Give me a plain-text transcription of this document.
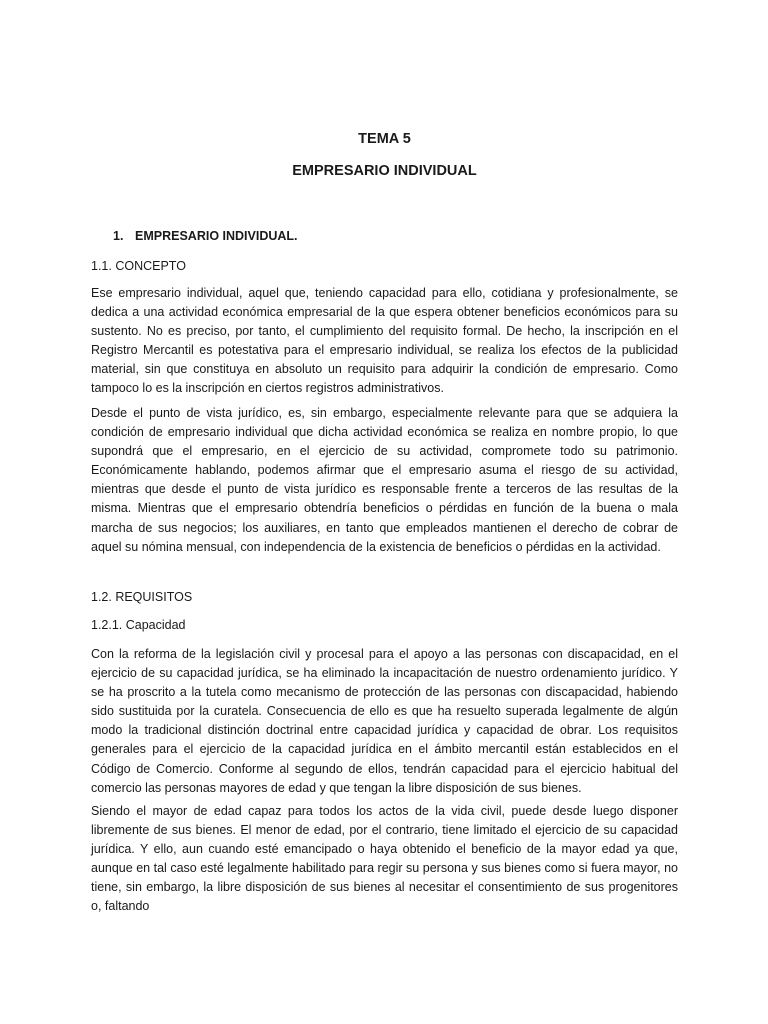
TEMA 5
EMPRESARIO INDIVIDUAL
1. EMPRESARIO INDIVIDUAL.

1.1. CONCEPTO

Ese empresario individual, aquel que, teniendo capacidad para ello, cotidiana y profesionalmente, se dedica a una actividad económica empresarial de la que espera obtener beneficios económicos para su sustento. No es preciso, por tanto, el cumplimiento del requisito formal. De hecho, la inscripción en el Registro Mercantil es potestativa para el empresario individual, se realiza los efectos de la publicidad material, sin que constituya en absoluto un requisito para adquirir la condición de empresario. Como tampoco lo es la inscripción en ciertos registros administrativos.

Desde el punto de vista jurídico, es, sin embargo, especialmente relevante para que se adquiera la condición de empresario individual que dicha actividad económica se realiza en nombre propio, lo que supondrá que el empresario, en el ejercicio de su actividad, compromete todo su patrimonio. Económicamente hablando, podemos afirmar que el empresario asuma el riesgo de su actividad, mientras que desde el punto de vista jurídico es responsable frente a terceros de las resultas de la misma. Mientras que el empresario obtendría beneficios o pérdidas en función de la buena o mala marcha de sus negocios; los auxiliares, en tanto que empleados mantienen el derecho de cobrar de aquel su nómina mensual, con independencia de la existencia de beneficios o pérdidas en la actividad.

1.2. REQUISITOS

1.2.1. Capacidad

Con la reforma de la legislación civil y procesal para el apoyo a las personas con discapacidad, en el ejercicio de su capacidad jurídica, se ha eliminado la incapacitación de nuestro ordenamiento jurídico. Y se ha proscrito a la tutela como mecanismo de protección de las personas con discapacidad, habiendo sido sustituida por la curatela. Consecuencia de ello es que ha resuelto superada legalmente de algún modo la tradicional distinción doctrinal entre capacidad jurídica y capacidad de obrar. Los requisitos generales para el ejercicio de la capacidad jurídica en el ámbito mercantil están establecidos en el Código de Comercio. Conforme al segundo de ellos, tendrán capacidad para el ejercicio habitual del comercio las personas mayores de edad y que tengan la libre disposición de sus bienes.

Siendo el mayor de edad capaz para todos los actos de la vida civil, puede desde luego disponer libremente de sus bienes. El menor de edad, por el contrario, tiene limitado el ejercicio de su capacidad jurídica. Y ello, aun cuando esté emancipado o haya obtenido el beneficio de la mayor edad ya que, aunque en tal caso esté legalmente habilitado para regir su persona y sus bienes como si fuera mayor, no tiene, sin embargo, la libre disposición de sus bienes al necesitar el consentimiento de sus progenitores o, faltando
